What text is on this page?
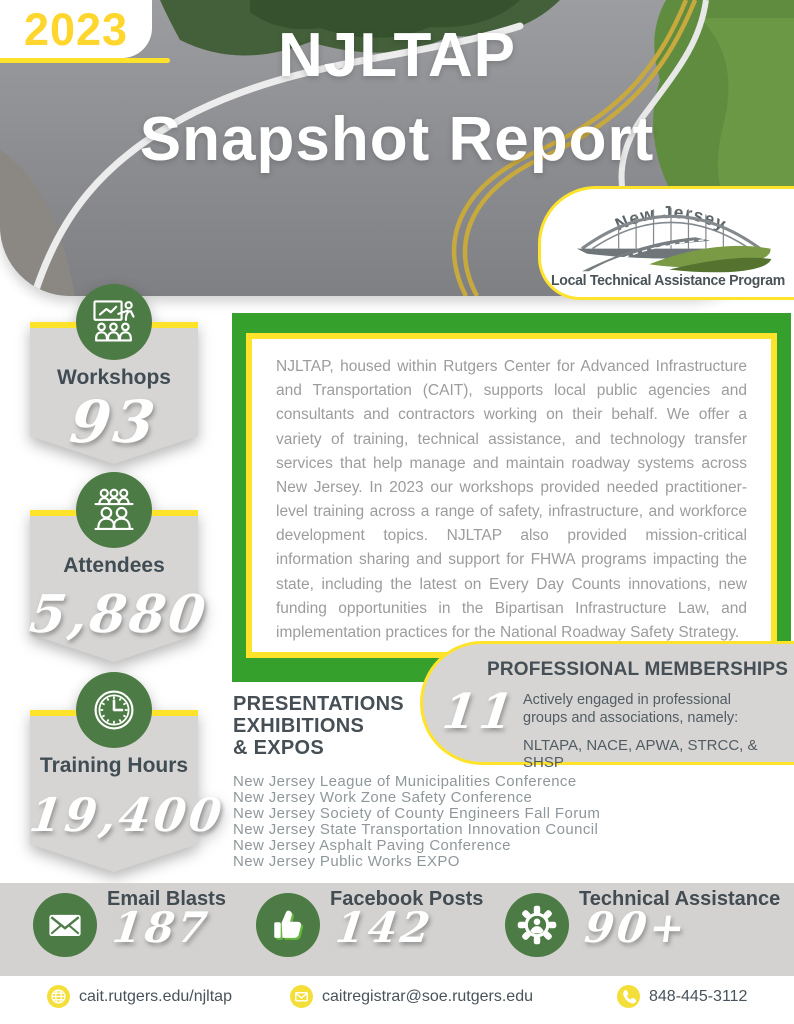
NJLTAP
Snapshot Report
2023
New Jersey
Local Technical Assistance Program
Workshops
93
Attendees
5,880
Training Hours
19,400
NJLTAP, housed within Rutgers Center for Advanced Infrastructure and Transportation (CAIT), supports local public agencies and consultants and contractors working on their behalf. We offer a variety of training, technical assistance, and technology transfer services that help manage and maintain roadway systems across New Jersey. In 2023 our workshops provided needed practitioner-level training across a range of safety, infrastructure, and workforce development topics. NJLTAP also provided mission-critical information sharing and support for FHWA programs impacting the state, including the latest on Every Day Counts innovations, new funding opportunities in the Bipartisan Infrastructure Law, and implementation practices for the National Roadway Safety Strategy.
PROFESSIONAL MEMBERSHIPS
11 Actively engaged in professional groups and associations, namely:
NLTAPA, NACE, APWA, STRCC, & SHSP
PRESENTATIONS
EXHIBITIONS
& EXPOS
New Jersey League of Municipalities Conference
New Jersey Work Zone Safety Conference
New Jersey Society of County Engineers Fall Forum
New Jersey State Transportation Innovation Council
New Jersey Asphalt Paving Conference
New Jersey Public Works EXPO
Email Blasts
187
Facebook Posts
142
Technical Assistance
90+
cait.rutgers.edu/njltap	caitregistrar@soe.rutgers.edu	848-445-3112
